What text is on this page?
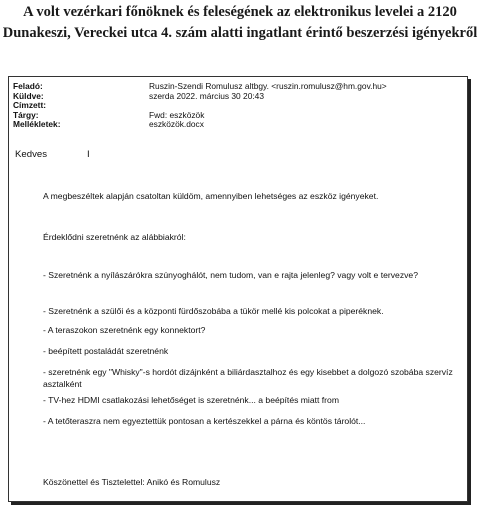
A volt vezérkari főnöknek és feleségének az elektronikus levelei a 2120
Dunakeszi, Vereckei utca 4. szám alatti ingatlant érintő beszerzési igényekről
Feladó:	Ruszin-Szendi Romulusz altbgy. <ruszin.romulusz@hm.gov.hu>
Küldve:	szerda 2022. március 30 20:43
Címzett:
Tárgy:	Fwd: eszközök
Mellékletek:	eszközök.docx
Kedves	I
A megbeszéltek alapján csatoltan küldöm, amennyiben lehetséges az eszköz igényeket.
Érdeklődni szeretnénk az alábbiakról:
- Szeretnénk a nyílászárókra szúnyoghálót, nem tudom, van e rajta jelenleg? vagy volt e tervezve?
- Szeretnénk a szülői és a központi fürdőszobába a tükör mellé kis polcokat a piperéknek.
- A teraszokon szeretnénk egy konnektort?
- beépített postaládát szeretnénk
- szeretnénk egy "Whisky"-s hordót dizájnként a biliárdasztalhoz és egy kisebbet a dolgozó szobába szervíz asztalként
- TV-hez HDMI csatlakozási lehetőséget is szeretnénk... a beépítés miatt from
- A tetőteraszra nem egyeztettük pontosan a kertészekkel a párna és köntös tárolót...
Köszönettel és Tisztelettel: Anikó és Romulusz
